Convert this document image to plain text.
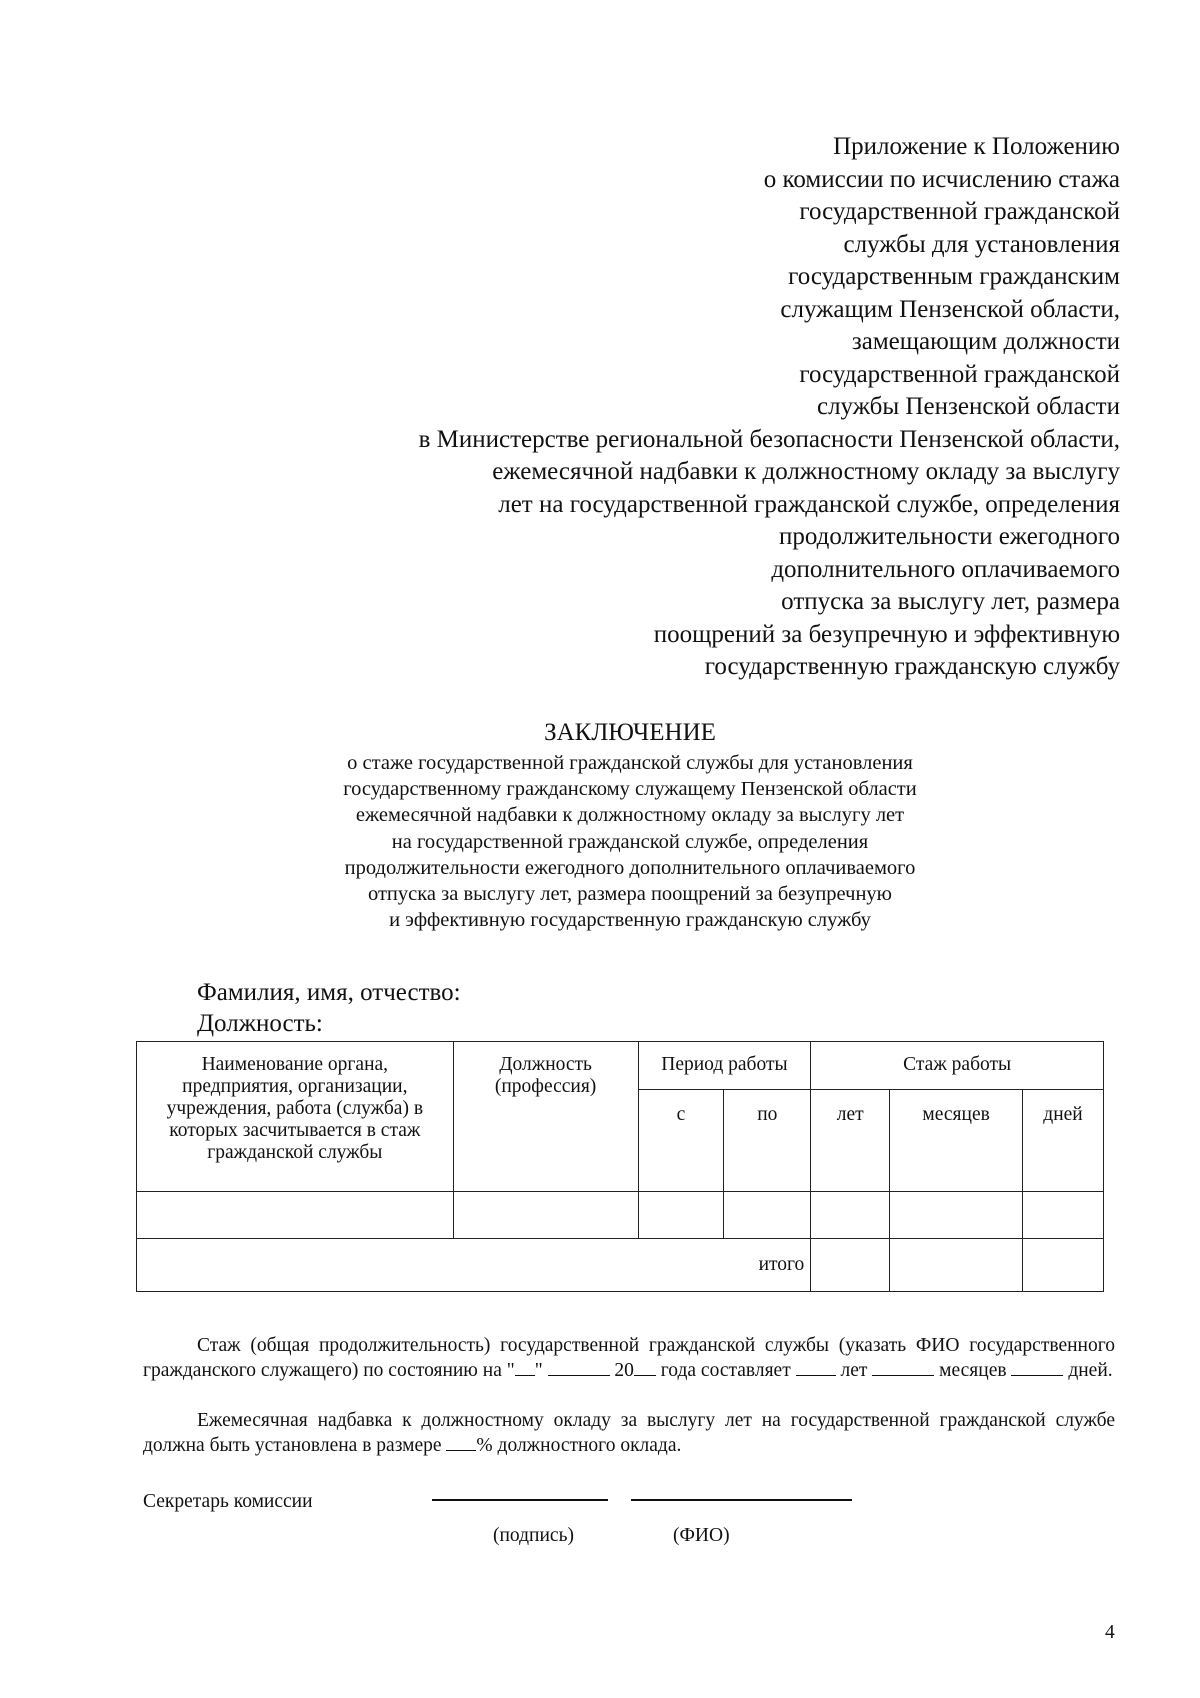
Приложение к Положению
о комиссии по исчислению стажа
государственной гражданской
службы для установления
государственным гражданским
служащим Пензенской области,
замещающим должности
государственной гражданской
службы Пензенской области
в Министерстве региональной безопасности Пензенской области,
ежемесячной надбавки к должностному окладу за выслугу
лет на государственной гражданской службе, определения
продолжительности ежегодного
дополнительного оплачиваемого
отпуска за выслугу лет, размера
поощрений за безупречную и эффективную
государственную гражданскую службу
ЗАКЛЮЧЕНИЕ
о стаже государственной гражданской службы для установления
государственному гражданскому служащему Пензенской области
ежемесячной надбавки к должностному окладу за выслугу лет
на государственной гражданской службе, определения
продолжительности ежегодного дополнительного оплачиваемого
отпуска за выслугу лет, размера поощрений за безупречную
и эффективную государственную гражданскую службу
Фамилия, имя, отчество:
Должность:
Наименование органа, предприятия, организации, учреждения, работа (служба) в которых засчитывается в стаж гражданской службы	Должность (профессия)	Период работы		Стаж работы		
		с	по	лет	месяцев	дней

итого						
Стаж (общая продолжительность) государственной гражданской службы (указать ФИО государственного гражданского служащего) по состоянию на " "	20 года составляет	лет	месяцев	дней.
Ежемесячная надбавка к должностному окладу за выслугу лет на государственной гражданской службе должна быть установлена в размере % должностного оклада.
Секретарь комиссии
(подпись)	(ФИО)
4
